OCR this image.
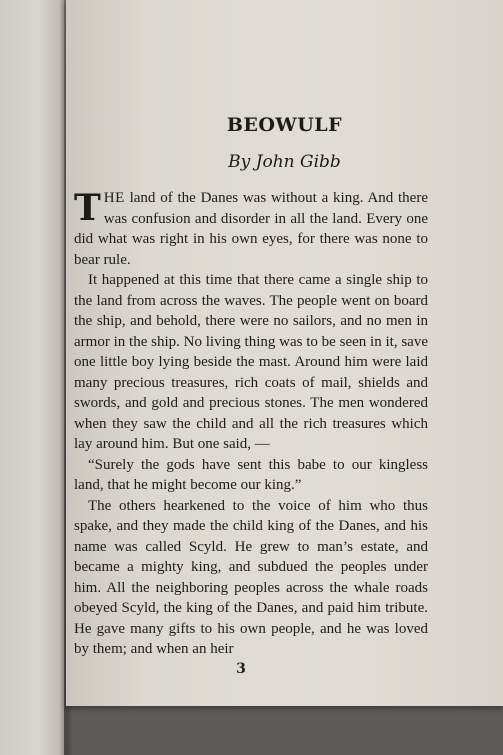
BEOWULF
By John Gibb

THE land of the Danes was without a king. And there was confusion and disorder in all the land. Every one did what was right in his own eyes, for there was none to bear rule.

It happened at this time that there came a single ship to the land from across the waves. The people went on board the ship, and behold, there were no sailors, and no men in armor in the ship. No living thing was to be seen in it, save one little boy lying beside the mast. Around him were laid many precious treasures, rich coats of mail, shields and swords, and gold and precious stones. The men wondered when they saw the child and all the rich treasures which lay around him. But one said, —

“Surely the gods have sent this babe to our kingless land, that he might become our king.”

The others hearkened to the voice of him who thus spake, and they made the child king of the Danes, and his name was called Scyld. He grew to man’s estate, and became a mighty king, and subdued the peoples under him. All the neighboring peoples across the whale roads obeyed Scyld, the king of the Danes, and paid him tribute. He gave many gifts to his own people, and he was loved by them; and when an heir

3
